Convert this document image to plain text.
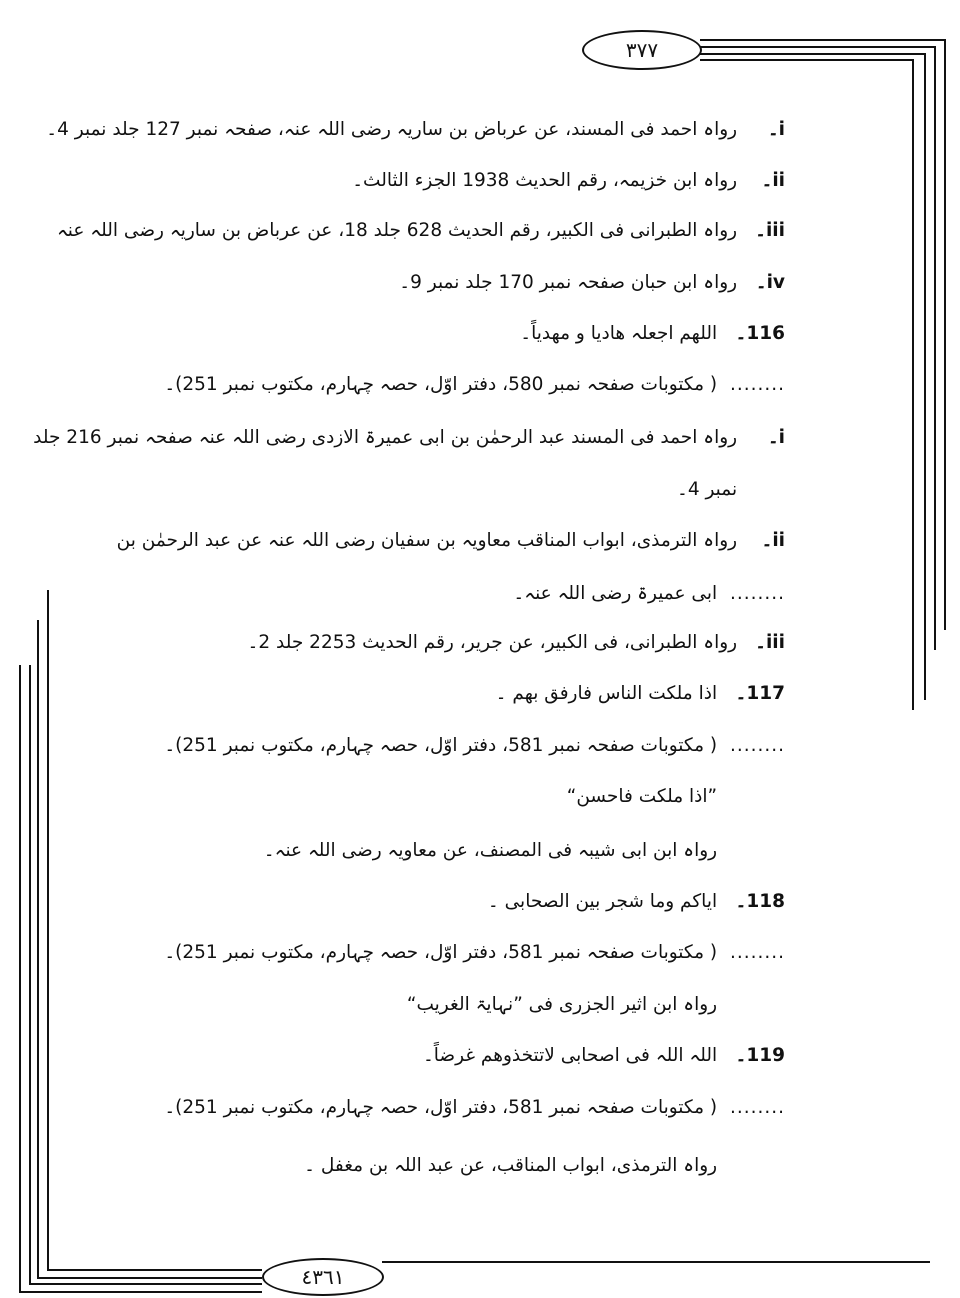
٣٧٧
٤٣٦١
i۔ رواہ احمد فی المسند، عن عرباض بن ساریہ رضی اللہ عنہ، صفحہ نمبر 127 جلد نمبر 4۔
ii۔ رواہ ابن خزیمہ، رقم الحدیث 1938 الجزء الثالث۔
iii۔ رواہ الطبرانی فی الکبیر، رقم الحدیث 628 جلد 18، عن عرباض بن ساریہ رضی اللہ عنہ
iv۔ رواہ ابن حبان صفحہ نمبر 170 جلد نمبر 9۔
116۔ اللھم اجعلہ ھادیا و مھدیاً۔
........ ( مکتوبات صفحہ نمبر 580، دفتر اوّل، حصہ چہارم، مکتوب نمبر 251)۔
i۔ رواہ احمد فی المسند عبد الرحمٰن بن ابی عمیرۃ الازدی رضی اللہ عنہ صفحہ نمبر 216 جلد
نمبر 4۔
ii۔ رواہ الترمذی، ابواب المناقب معاویہ بن سفیان رضی اللہ عنہ عن عبد الرحمٰن بن
........ ابی عمیرۃ رضی اللہ عنہ۔
iii۔ رواہ الطبرانی، فی الکبیر، عن جریر، رقم الحدیث 2253 جلد 2۔
117۔ اذا ملکت الناس فارفق بھم ۔
........ ( مکتوبات صفحہ نمبر 581، دفتر اوّل، حصہ چہارم، مکتوب نمبر 251)۔
”اذا ملکت فاحسن“
رواہ ابن ابی شیبہ فی المصنف، عن معاویہ رضی اللہ عنہ۔
118۔ ایاکم وما شجر بین الصحابی ۔
........ ( مکتوبات صفحہ نمبر 581، دفتر اوّل، حصہ چہارم، مکتوب نمبر 251)۔
رواہ ابن اثیر الجزری فی ”نہایۃ الغریب“
119۔ اللہ اللہ فی اصحابی لاتتخذوھم غرضاً۔
........ ( مکتوبات صفحہ نمبر 581، دفتر اوّل، حصہ چہارم، مکتوب نمبر 251)۔
رواہ الترمذی، ابواب المناقب، عن عبد اللہ بن مغفل ۔
